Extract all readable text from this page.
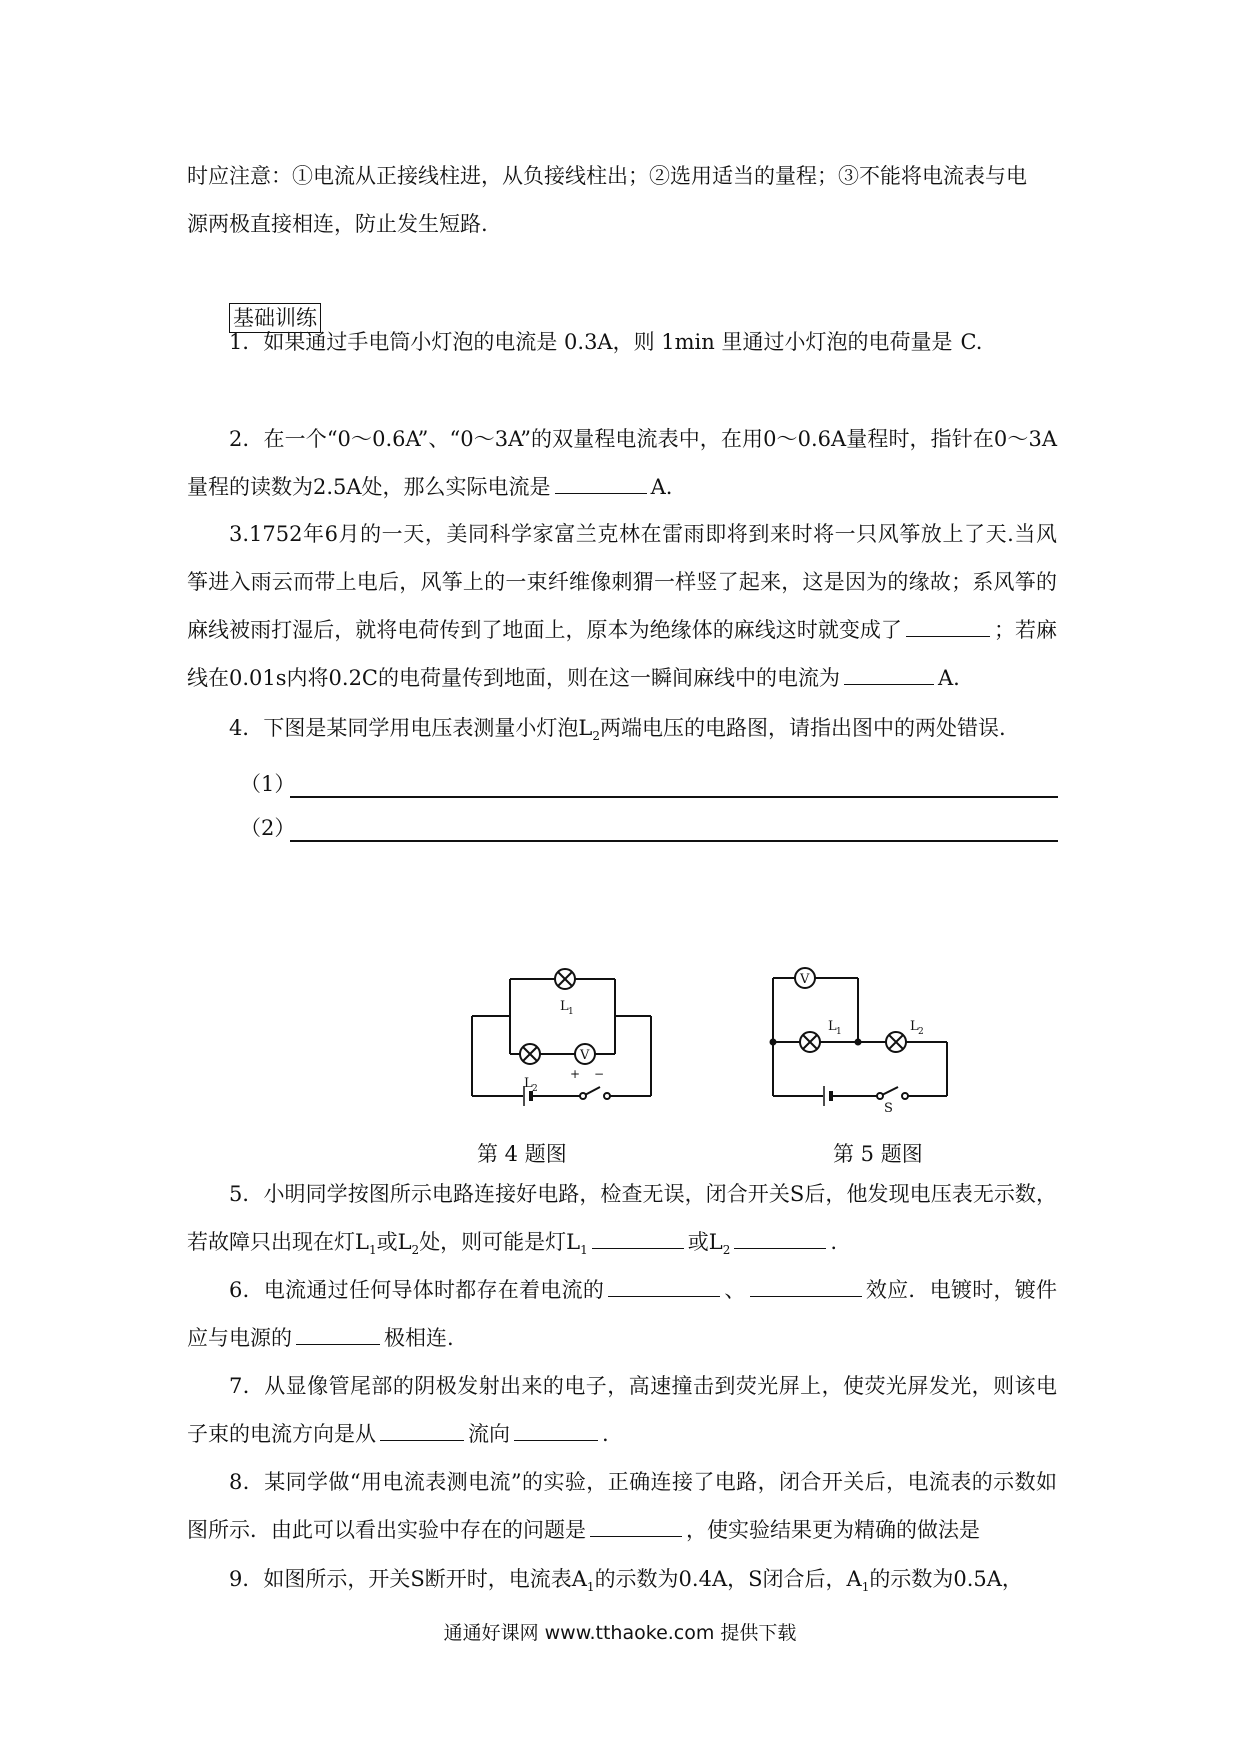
时应注意：①电流从正接线柱进，从负接线柱出；②选用适当的量程；③不能将电流表与电
源两极直接相连，防止发生短路.
基础训练
1．如果通过手电筒小灯泡的电流是 0.3A，则 1min 里通过小灯泡的电荷量是 C.
2．在一个“0～0.6A”、“0～3A”的双量程电流表中，在用0～0.6A量程时，指针在0～3A量程的读数为2.5A处，那么实际电流是	A.
3.1752年6月的一天，美同科学家富兰克林在雷雨即将到来时将一只风筝放上了天.当风筝进入雨云而带上电后，风筝上的一束纤维像刺猬一样竖了起来，这是因为的缘故；系风筝的麻线被雨打湿后，就将电荷传到了地面上，原本为绝缘体的麻线这时就变成了	；若麻线在0.01s内将0.2C的电荷量传到地面，则在这一瞬间麻线中的电流为	A.
4．下图是某同学用电压表测量小灯泡$L_2$两端电压的电路图，请指出图中的两处错误.
（1）
（2）
L 1
L 2
V
+ −
第 4 题图
V
L 1	L 2
S
第 5 题图
5．小明同学按图所示电路连接好电路，检查无误，闭合开关S后，他发现电压表无示数，若故障只出现在灯$L_1$或$L_2$处，则可能是灯$L_1$	或$L_2$	.
6．电流通过任何导体时都存在着电流的	、	效应．电镀时，镀件应与电源的	极相连.
7．从显像管尾部的阴极发射出来的电子，高速撞击到荧光屏上，使荧光屏发光，则该电子束的电流方向是从	流向	.
8．某同学做“用电流表测电流”的实验，正确连接了电路，闭合开关后，电流表的示数如图所示．由此可以看出实验中存在的问题是	，使实验结果更为精确的做法是
9．如图所示，开关S断开时，电流表$A_1$的示数为0.4A，S闭合后，$A_1$的示数为0.5A，
通通好课网 www.tthaoke.com 提供下载
